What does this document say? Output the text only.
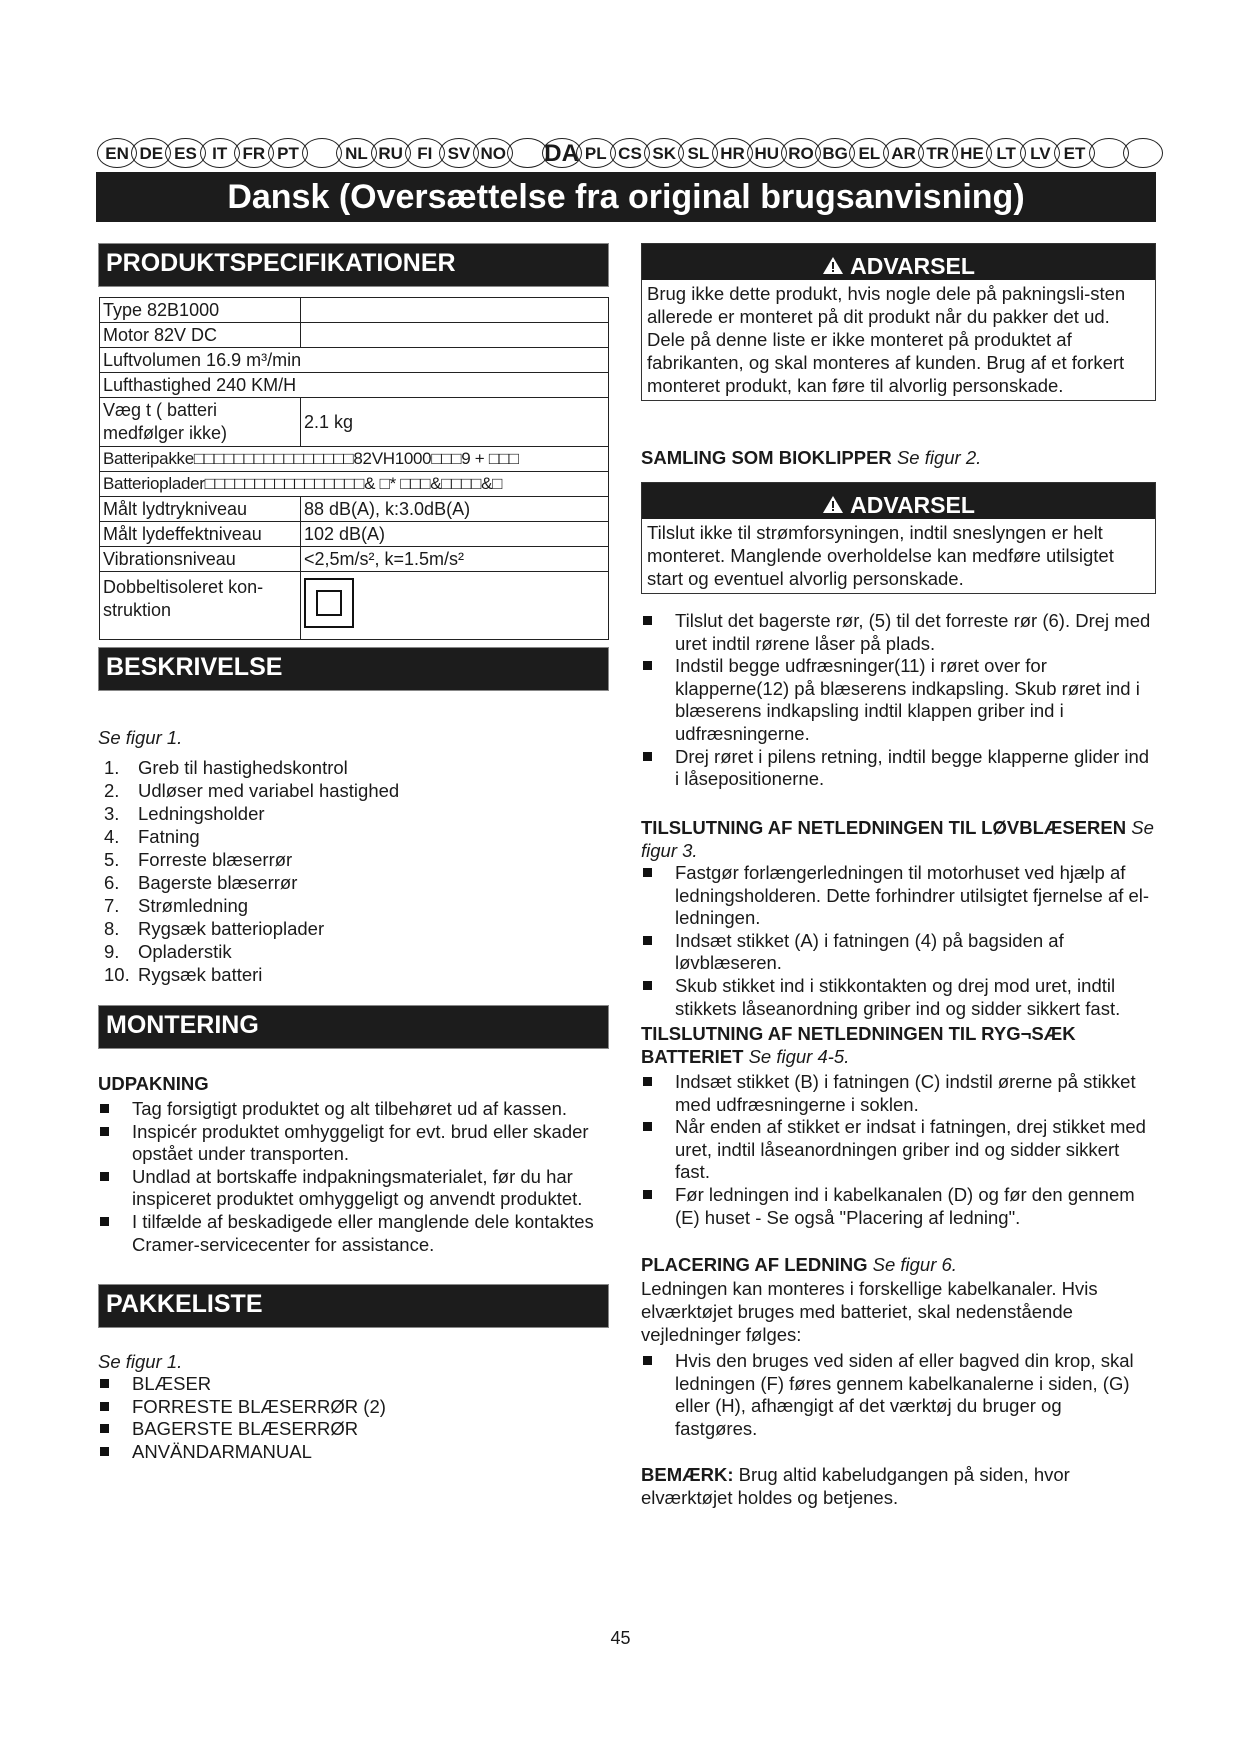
EN DE ES IT FR PT	NL RU FI SV NO	DA PL CS SK SL HR HU RO BG EL AR TR HE LT LV ET
Dansk (Oversættelse fra original brugsanvisning)
PRODUKTSPECIFIKATIONER
Type 82B1000	
Motor 82V DC	
Luftvolumen 16.9 m³/min	
Lufthastighed 240 KM/H	
Væg t ( batteri medfølger ikke)	2.1 kg
Batteripakke□□□□□□□□□□□□□□□□82VH1000□□□9 + □□□	
Batterioplader□□□□□□□□□□□□□□□□& □* □□□&□□□□&□	
Målt lydtrykniveau	88 dB(A), k:3.0dB(A)
Målt lydeffektniveau	102 dB(A)
Vibrationsniveau	<2,5m/s², k=1.5m/s²
Dobbeltisoleret kon-struktion	
BESKRIVELSE
Se figur 1.
1. Greb til hastighedskontrol
2. Udløser med variabel hastighed
3. Ledningsholder
4. Fatning
5. Forreste blæserrør
6. Bagerste blæserrør
7. Strømledning
8. Rygsæk batterioplader
9. Opladerstik
10. Rygsæk batteri
MONTERING
UDPAKNING
Tag forsigtigt produktet og alt tilbehøret ud af kassen.
Inspicér produktet omhyggeligt for evt. brud eller skader opstået under transporten.
Undlad at bortskaffe indpakningsmaterialet, før du har inspiceret produktet omhyggeligt og anvendt produktet.
I tilfælde af beskadigede eller manglende dele kontaktes Cramer-servicecenter for assistance.
PAKKELISTE
Se figur 1.
BLÆSER
FORRESTE BLÆSERRØR (2)
BAGERSTE BLÆSERRØR
ANVÄNDARMANUAL
ADVARSEL
Brug ikke dette produkt, hvis nogle dele på pakningsli-sten allerede er monteret på dit produkt når du pakker det ud. Dele på denne liste er ikke monteret på produktet af fabrikanten, og skal monteres af kunden. Brug af et forkert monteret produkt, kan føre til alvorlig personskade.
SAMLING SOM BIOKLIPPER Se figur 2.
ADVARSEL
Tilslut ikke til strømforsyningen, indtil sneslyngen er helt monteret. Manglende overholdelse kan medføre utilsigtet start og eventuel alvorlig personskade.
Tilslut det bagerste rør, (5) til det forreste rør (6). Drej med uret indtil rørene låser på plads.
Indstil begge udfræsninger(11) i røret over for klapperne(12) på blæserens indkapsling. Skub røret ind i blæserens indkapsling indtil klappen griber ind i udfræsningerne.
Drej røret i pilens retning, indtil begge klapperne glider ind i låsepositionerne.
TILSLUTNING AF NETLEDNINGEN TIL LØVBLÆSEREN Se figur 3.
Fastgør forlængerledningen til motorhuset ved hjælp af ledningsholderen. Dette forhindrer utilsigtet fjernelse af el-ledningen.
Indsæt stikket (A) i fatningen (4) på bagsiden af løvblæseren.
Skub stikket ind i stikkontakten og drej mod uret, indtil stikkets låseanordning griber ind og sidder sikkert fast.
TILSLUTNING AF NETLEDNINGEN TIL RYG¬SÆK BATTERIET Se figur 4-5.
Indsæt stikket (B) i fatningen (C) indstil ørerne på stikket med udfræsningerne i soklen.
Når enden af stikket er indsat i fatningen, drej stikket med uret, indtil låseanordningen griber ind og sidder sikkert fast.
Før ledningen ind i kabelkanalen (D) og før den gennem (E) huset - Se også "Placering af ledning".
PLACERING AF LEDNING Se figur 6.
Ledningen kan monteres i forskellige kabelkanaler. Hvis elværktøjet bruges med batteriet, skal nedenstående vejledninger følges:
Hvis den bruges ved siden af eller bagved din krop, skal ledningen (F) føres gennem kabelkanalerne i siden, (G) eller (H), afhængigt af det værktøj du bruger og fastgøres.
BEMÆRK: Brug altid kabeludgangen på siden, hvor elværktøjet holdes og betjenes.
45
